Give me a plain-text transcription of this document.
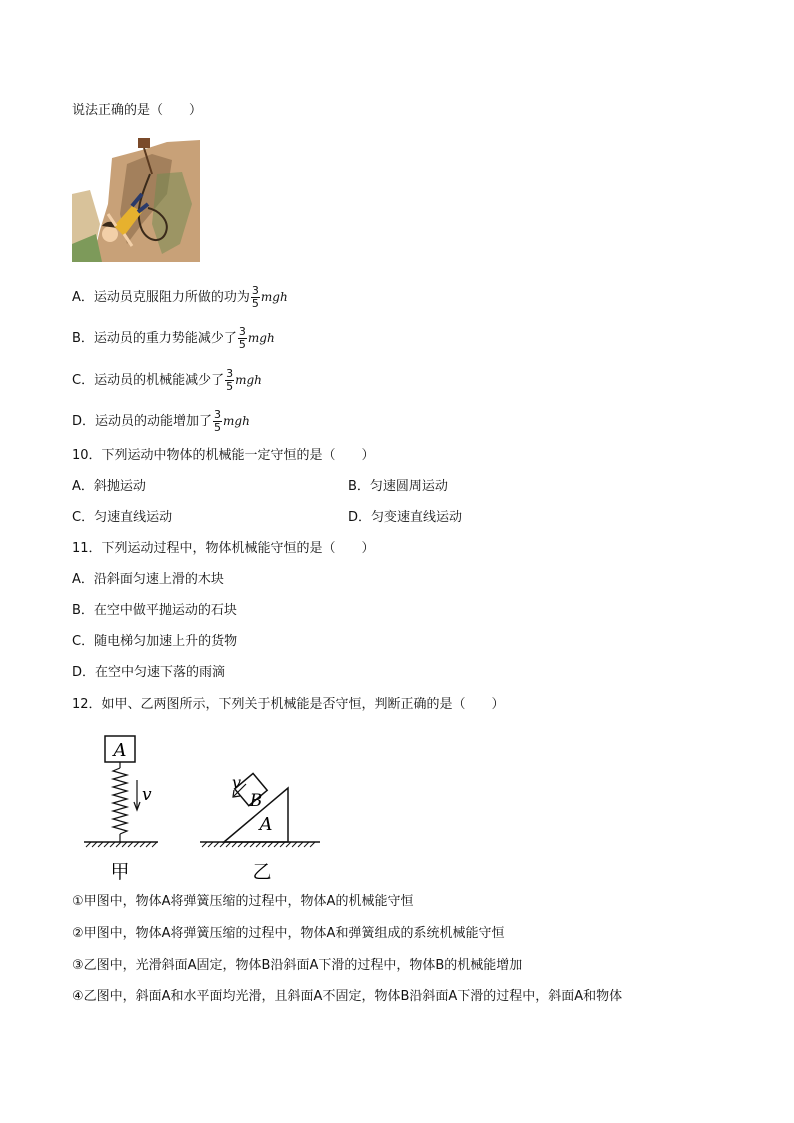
说法正确的是（　　）
A．运动员克服阻力所做的功为 $\frac{3}{5}$ mgh
B．运动员的重力势能减少了 $\frac{3}{5}$ mgh
C．运动员的机械能减少了 $\frac{3}{5}$ mgh
D．运动员的动能增加了 $\frac{3}{5}$ mgh
10．下列运动中物体的机械能一定守恒的是（　　）
A．斜抛运动	B．匀速圆周运动
C．匀速直线运动	D．匀变速直线运动
11．下列运动过程中，物体机械能守恒的是（　　）
A．沿斜面匀速上滑的木块
B．在空中做平抛运动的石块
C．随电梯匀加速上升的货物
D．在空中匀速下落的雨滴
12．如甲、乙两图所示，下列关于机械能是否守恒，判断正确的是（　　）
A
v
甲
A
B
v
乙
①甲图中，物体A将弹簧压缩的过程中，物体A的机械能守恒
②甲图中，物体A将弹簧压缩的过程中，物体A和弹簧组成的系统机械能守恒
③乙图中，光滑斜面A固定，物体B沿斜面A下滑的过程中，物体B的机械能增加
④乙图中，斜面A和水平面均光滑，且斜面A不固定，物体B沿斜面A下滑的过程中，斜面A和物体
